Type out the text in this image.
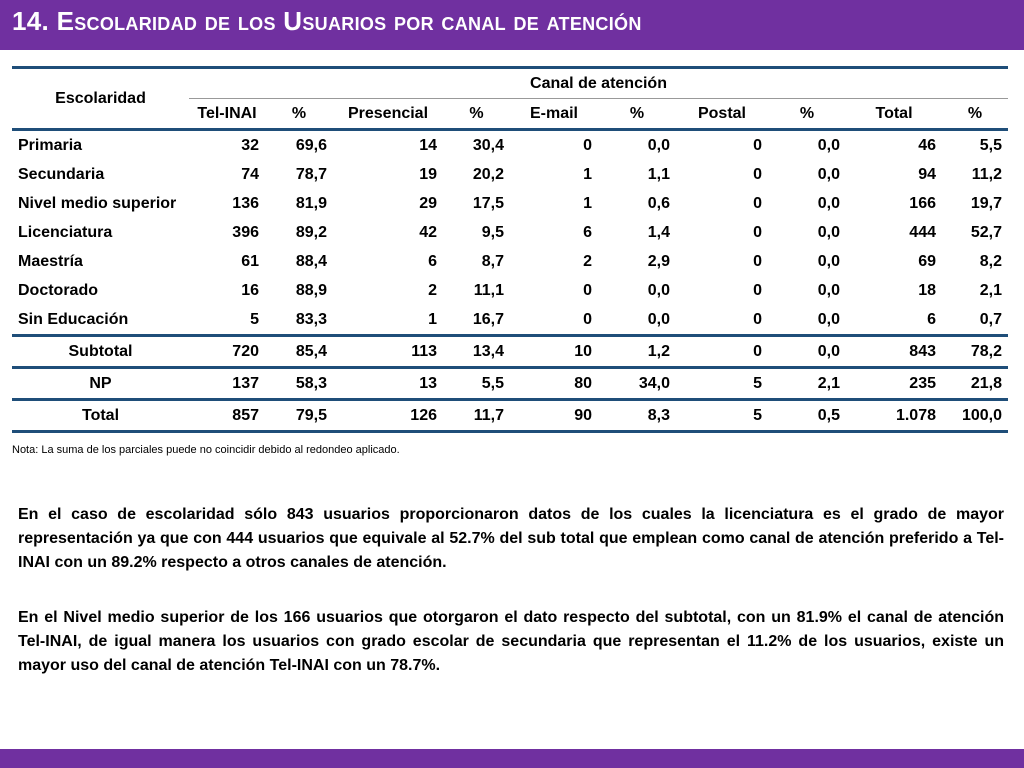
14. Escolaridad de los Usuarios por canal de atención
Escolaridad	Canal de atención									
	Tel-INAI	%	Presencial	%	E-mail	%	Postal	%	Total	%
Primaria	32	69,6	14	30,4	0	0,0	0	0,0	46	5,5
Secundaria	74	78,7	19	20,2	1	1,1	0	0,0	94	11,2
Nivel medio superior	136	81,9	29	17,5	1	0,6	0	0,0	166	19,7
Licenciatura	396	89,2	42	9,5	6	1,4	0	0,0	444	52,7
Maestría	61	88,4	6	8,7	2	2,9	0	0,0	69	8,2
Doctorado	16	88,9	2	11,1	0	0,0	0	0,0	18	2,1
Sin Educación	5	83,3	1	16,7	0	0,0	0	0,0	6	0,7
Subtotal	720	85,4	113	13,4	10	1,2	0	0,0	843	78,2
NP	137	58,3	13	5,5	80	34,0	5	2,1	235	21,8
Total	857	79,5	126	11,7	90	8,3	5	0,5	1.078	100,0
Nota: La suma de los parciales puede no coincidir debido al redondeo aplicado.

En el caso de escolaridad sólo 843 usuarios proporcionaron datos de los cuales la licenciatura es el grado de mayor representación ya que con 444 usuarios que equivale al 52.7% del sub total que emplean como canal de atención preferido a Tel-INAI con un 89.2% respecto a otros canales de atención.

En el Nivel medio superior de los 166 usuarios que otorgaron el dato respecto del subtotal, con un 81.9% el canal de atención Tel-INAI, de igual manera los usuarios con grado escolar de secundaria que representan el 11.2% de los usuarios, existe un mayor uso del canal de atención Tel-INAI con un 78.7%.
